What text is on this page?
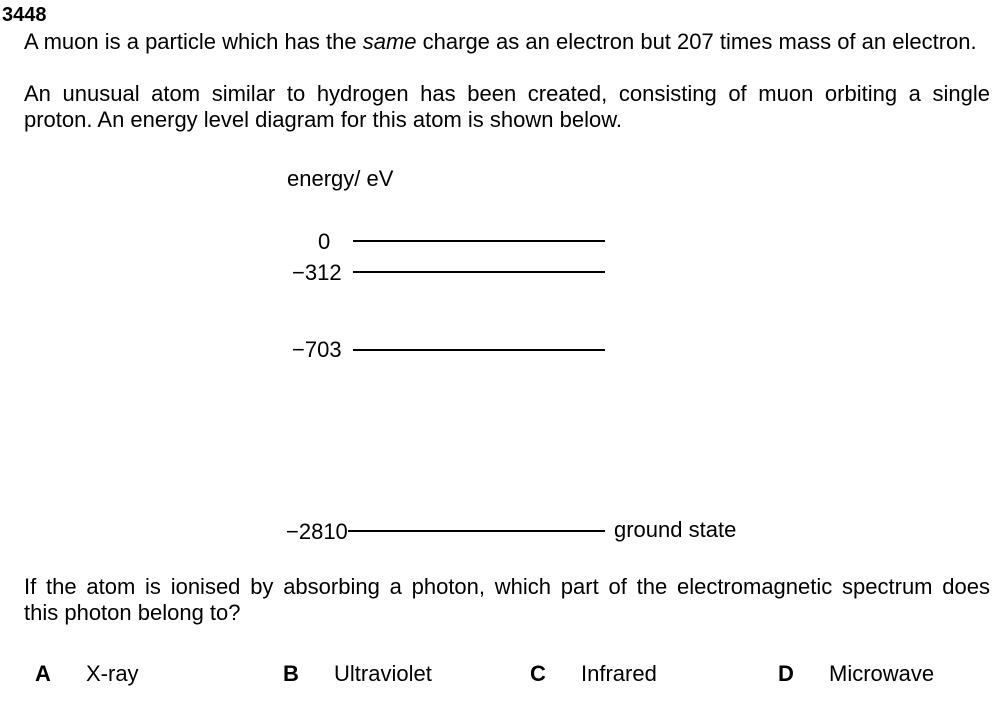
3448
A muon is a particle which has the same charge as an electron but 207 times mass of an electron.
An unusual atom similar to hydrogen has been created, consisting of muon orbiting a single
proton. An energy level diagram for this atom is shown below.
energy/ eV
0
−312
−703
−2810	ground state
If the atom is ionised by absorbing a photon, which part of the electromagnetic spectrum does
this photon belong to?
A X-ray	B Ultraviolet	C Infrared	D Microwave
